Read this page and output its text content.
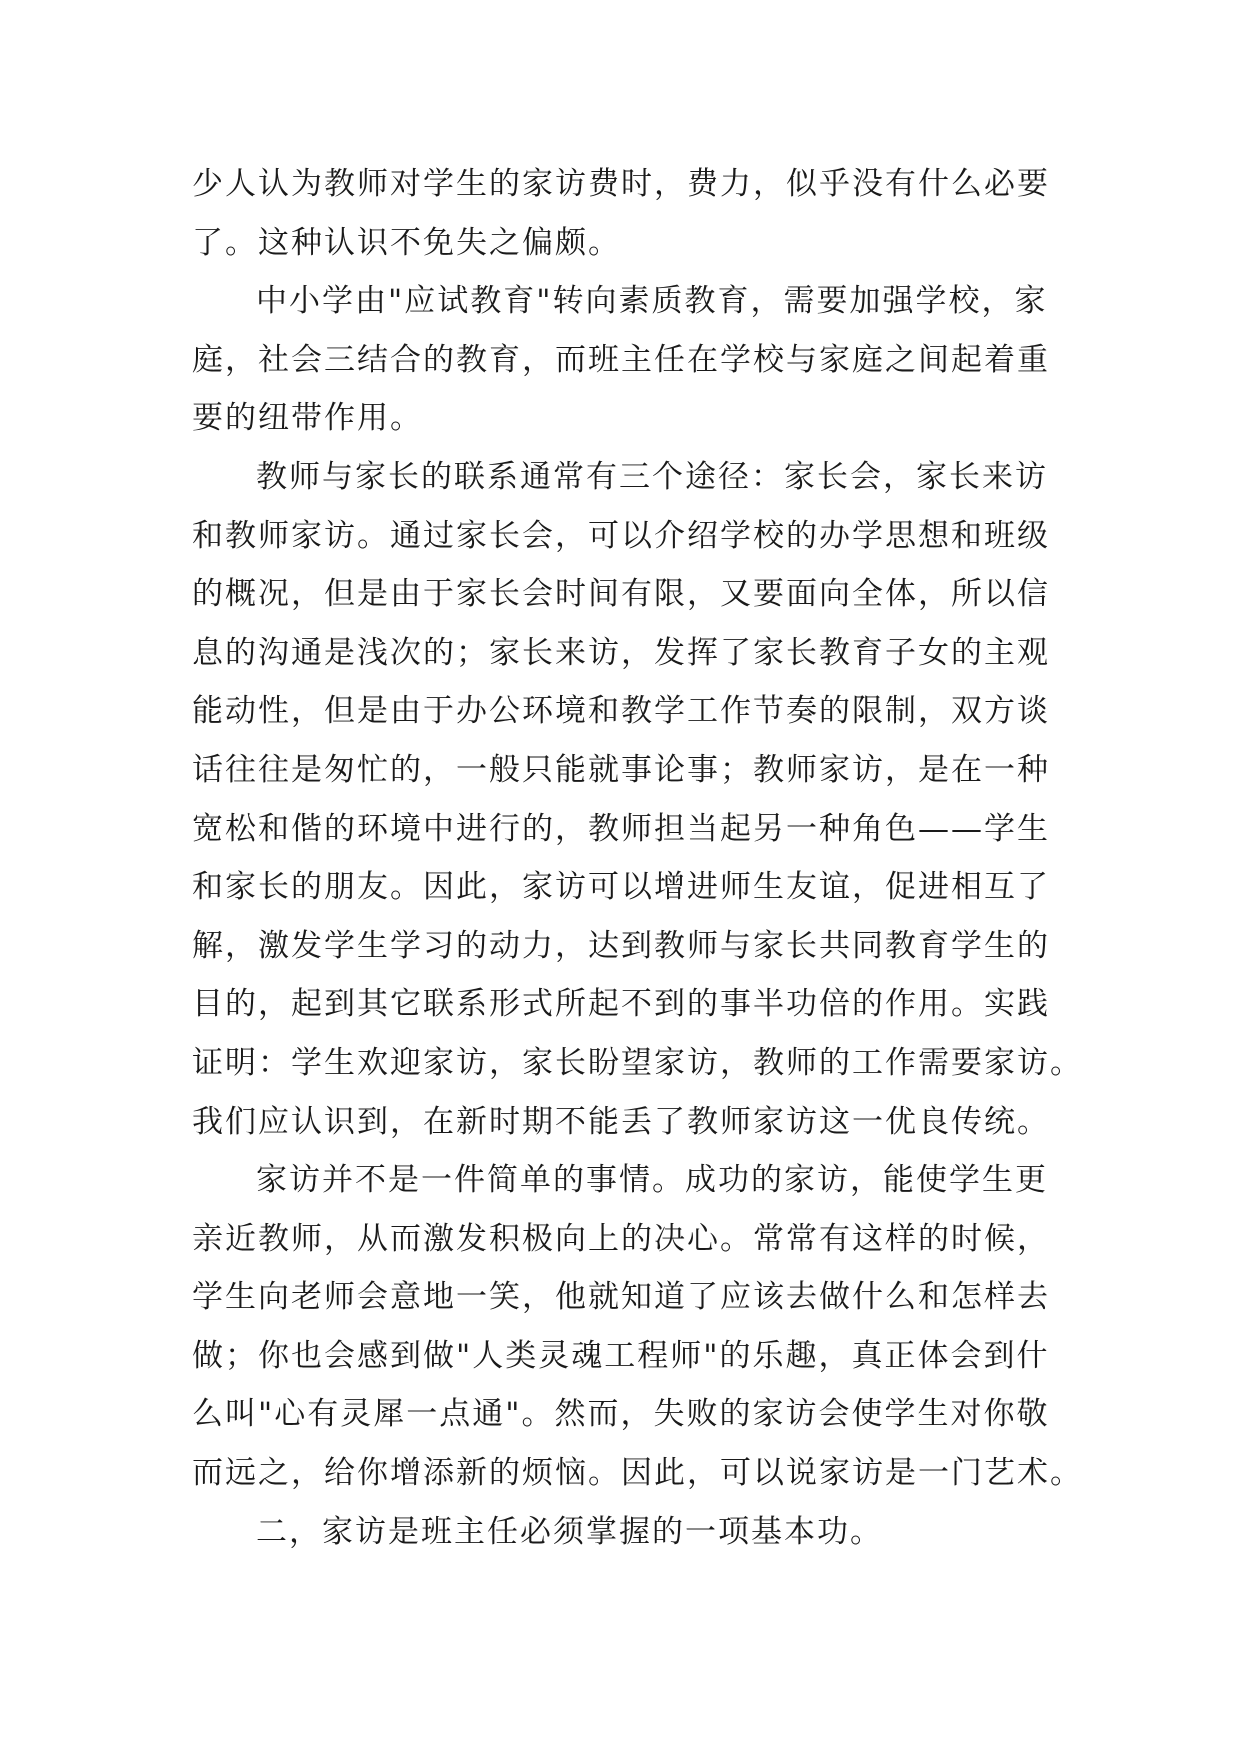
少人认为教师对学生的家访费时，费力，似乎没有什么必要
了。这种认识不免失之偏颇。
中小学由"应试教育"转向素质教育，需要加强学校，家
庭，社会三结合的教育，而班主任在学校与家庭之间起着重
要的纽带作用。
教师与家长的联系通常有三个途径：家长会，家长来访
和教师家访。通过家长会，可以介绍学校的办学思想和班级
的概况，但是由于家长会时间有限，又要面向全体，所以信
息的沟通是浅次的；家长来访，发挥了家长教育子女的主观
能动性，但是由于办公环境和教学工作节奏的限制，双方谈
话往往是匆忙的，一般只能就事论事；教师家访，是在一种
宽松和偕的环境中进行的，教师担当起另一种角色——学生
和家长的朋友。因此，家访可以增进师生友谊，促进相互了
解，激发学生学习的动力，达到教师与家长共同教育学生的
目的，起到其它联系形式所起不到的事半功倍的作用。实践
证明：学生欢迎家访，家长盼望家访，教师的工作需要家访。
我们应认识到，在新时期不能丢了教师家访这一优良传统。
家访并不是一件简单的事情。成功的家访，能使学生更
亲近教师，从而激发积极向上的决心。常常有这样的时候，
学生向老师会意地一笑，他就知道了应该去做什么和怎样去
做；你也会感到做"人类灵魂工程师"的乐趣，真正体会到什
么叫"心有灵犀一点通"。然而，失败的家访会使学生对你敬
而远之，给你增添新的烦恼。因此，可以说家访是一门艺术。
二，家访是班主任必须掌握的一项基本功。
